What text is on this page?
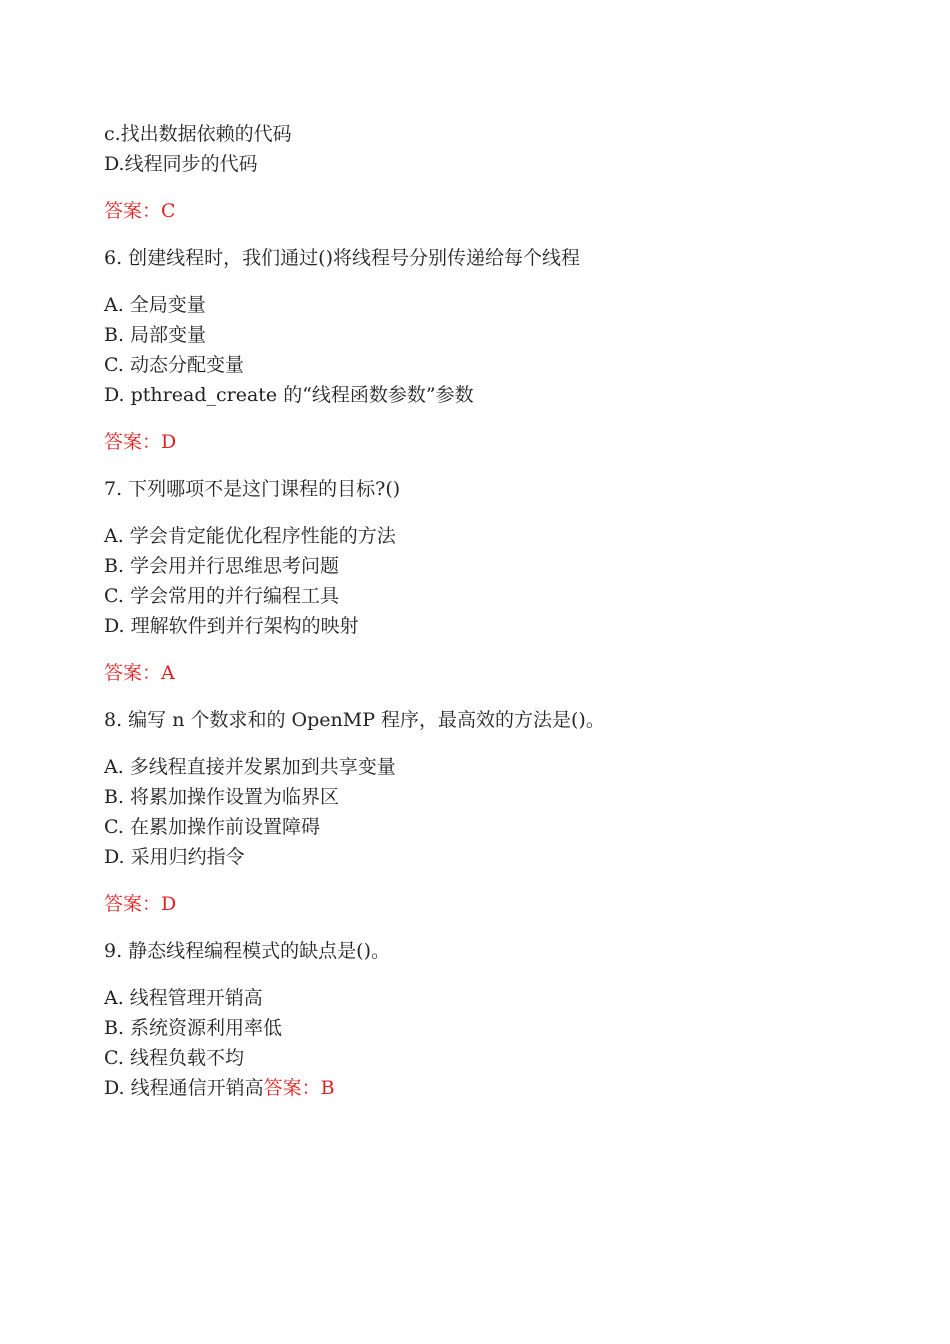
c.找出数据依赖的代码
D.线程同步的代码
答案：C
6. 创建线程时，我们通过()将线程号分别传递给每个线程
A. 全局变量
B. 局部变量
C. 动态分配变量
D. pthread_create 的“线程函数参数”参数
答案：D
7. 下列哪项不是这门课程的目标?()
A. 学会肯定能优化程序性能的方法
B. 学会用并行思维思考问题
C. 学会常用的并行编程工具
D. 理解软件到并行架构的映射
答案：A
8. 编写 n 个数求和的 OpenMP 程序，最高效的方法是()。
A. 多线程直接并发累加到共享变量
B. 将累加操作设置为临界区
C. 在累加操作前设置障碍
D. 采用归约指令
答案：D
9. 静态线程编程模式的缺点是()。
A. 线程管理开销高
B. 系统资源利用率低
C. 线程负载不均
D. 线程通信开销高答案：B
